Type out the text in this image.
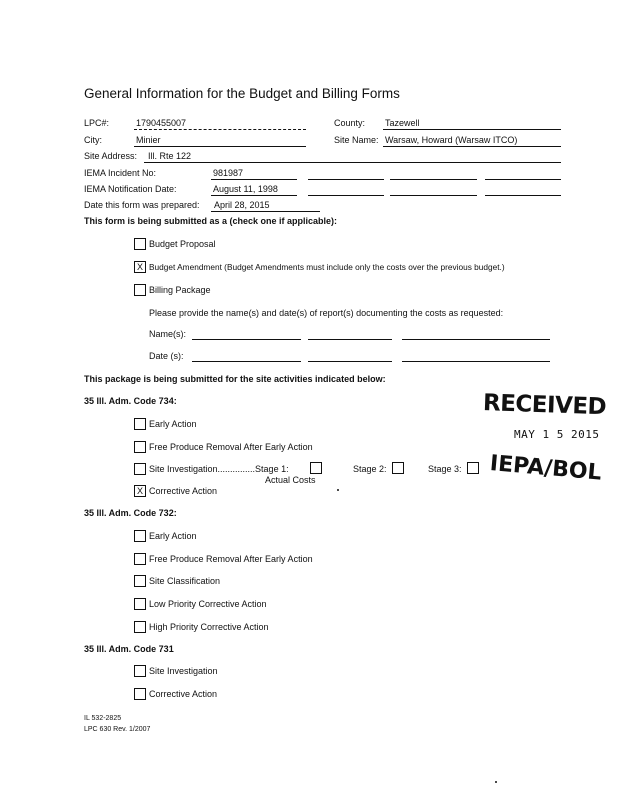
General Information for the Budget and Billing Forms
LPC#:	1790455007	County: Tazewell
City:	Minier	Site Name: Warsaw, Howard (Warsaw ITCO)
Site Address: Ill. Rte 122
IEMA Incident No:	981987
IEMA Notification Date:	August 11, 1998
Date this form was prepared: April 28, 2015
This form is being submitted as a (check one if applicable):
Budget Proposal
X Budget Amendment (Budget Amendments must include only the costs over the previous budget.)
Billing Package
Please provide the name(s) and date(s) of report(s) documenting the costs as requested:
Name(s):
Date (s):
This package is being submitted for the site activities indicated below:
35 Ill. Adm. Code 734:
Early Action
Free Produce Removal After Early Action
Site Investigation...............Stage 1:	Stage 2:	Stage 3:
Actual Costs
X Corrective Action
RECEIVED
MAY 1 5 2015
IEPA/BOL
35 Ill. Adm. Code 732:
Early Action
Free Produce Removal After Early Action
Site Classification
Low Priority Corrective Action
High Priority Corrective Action
35 Ill. Adm. Code 731
Site Investigation
Corrective Action
IL 532-2825
LPC 630 Rev. 1/2007
